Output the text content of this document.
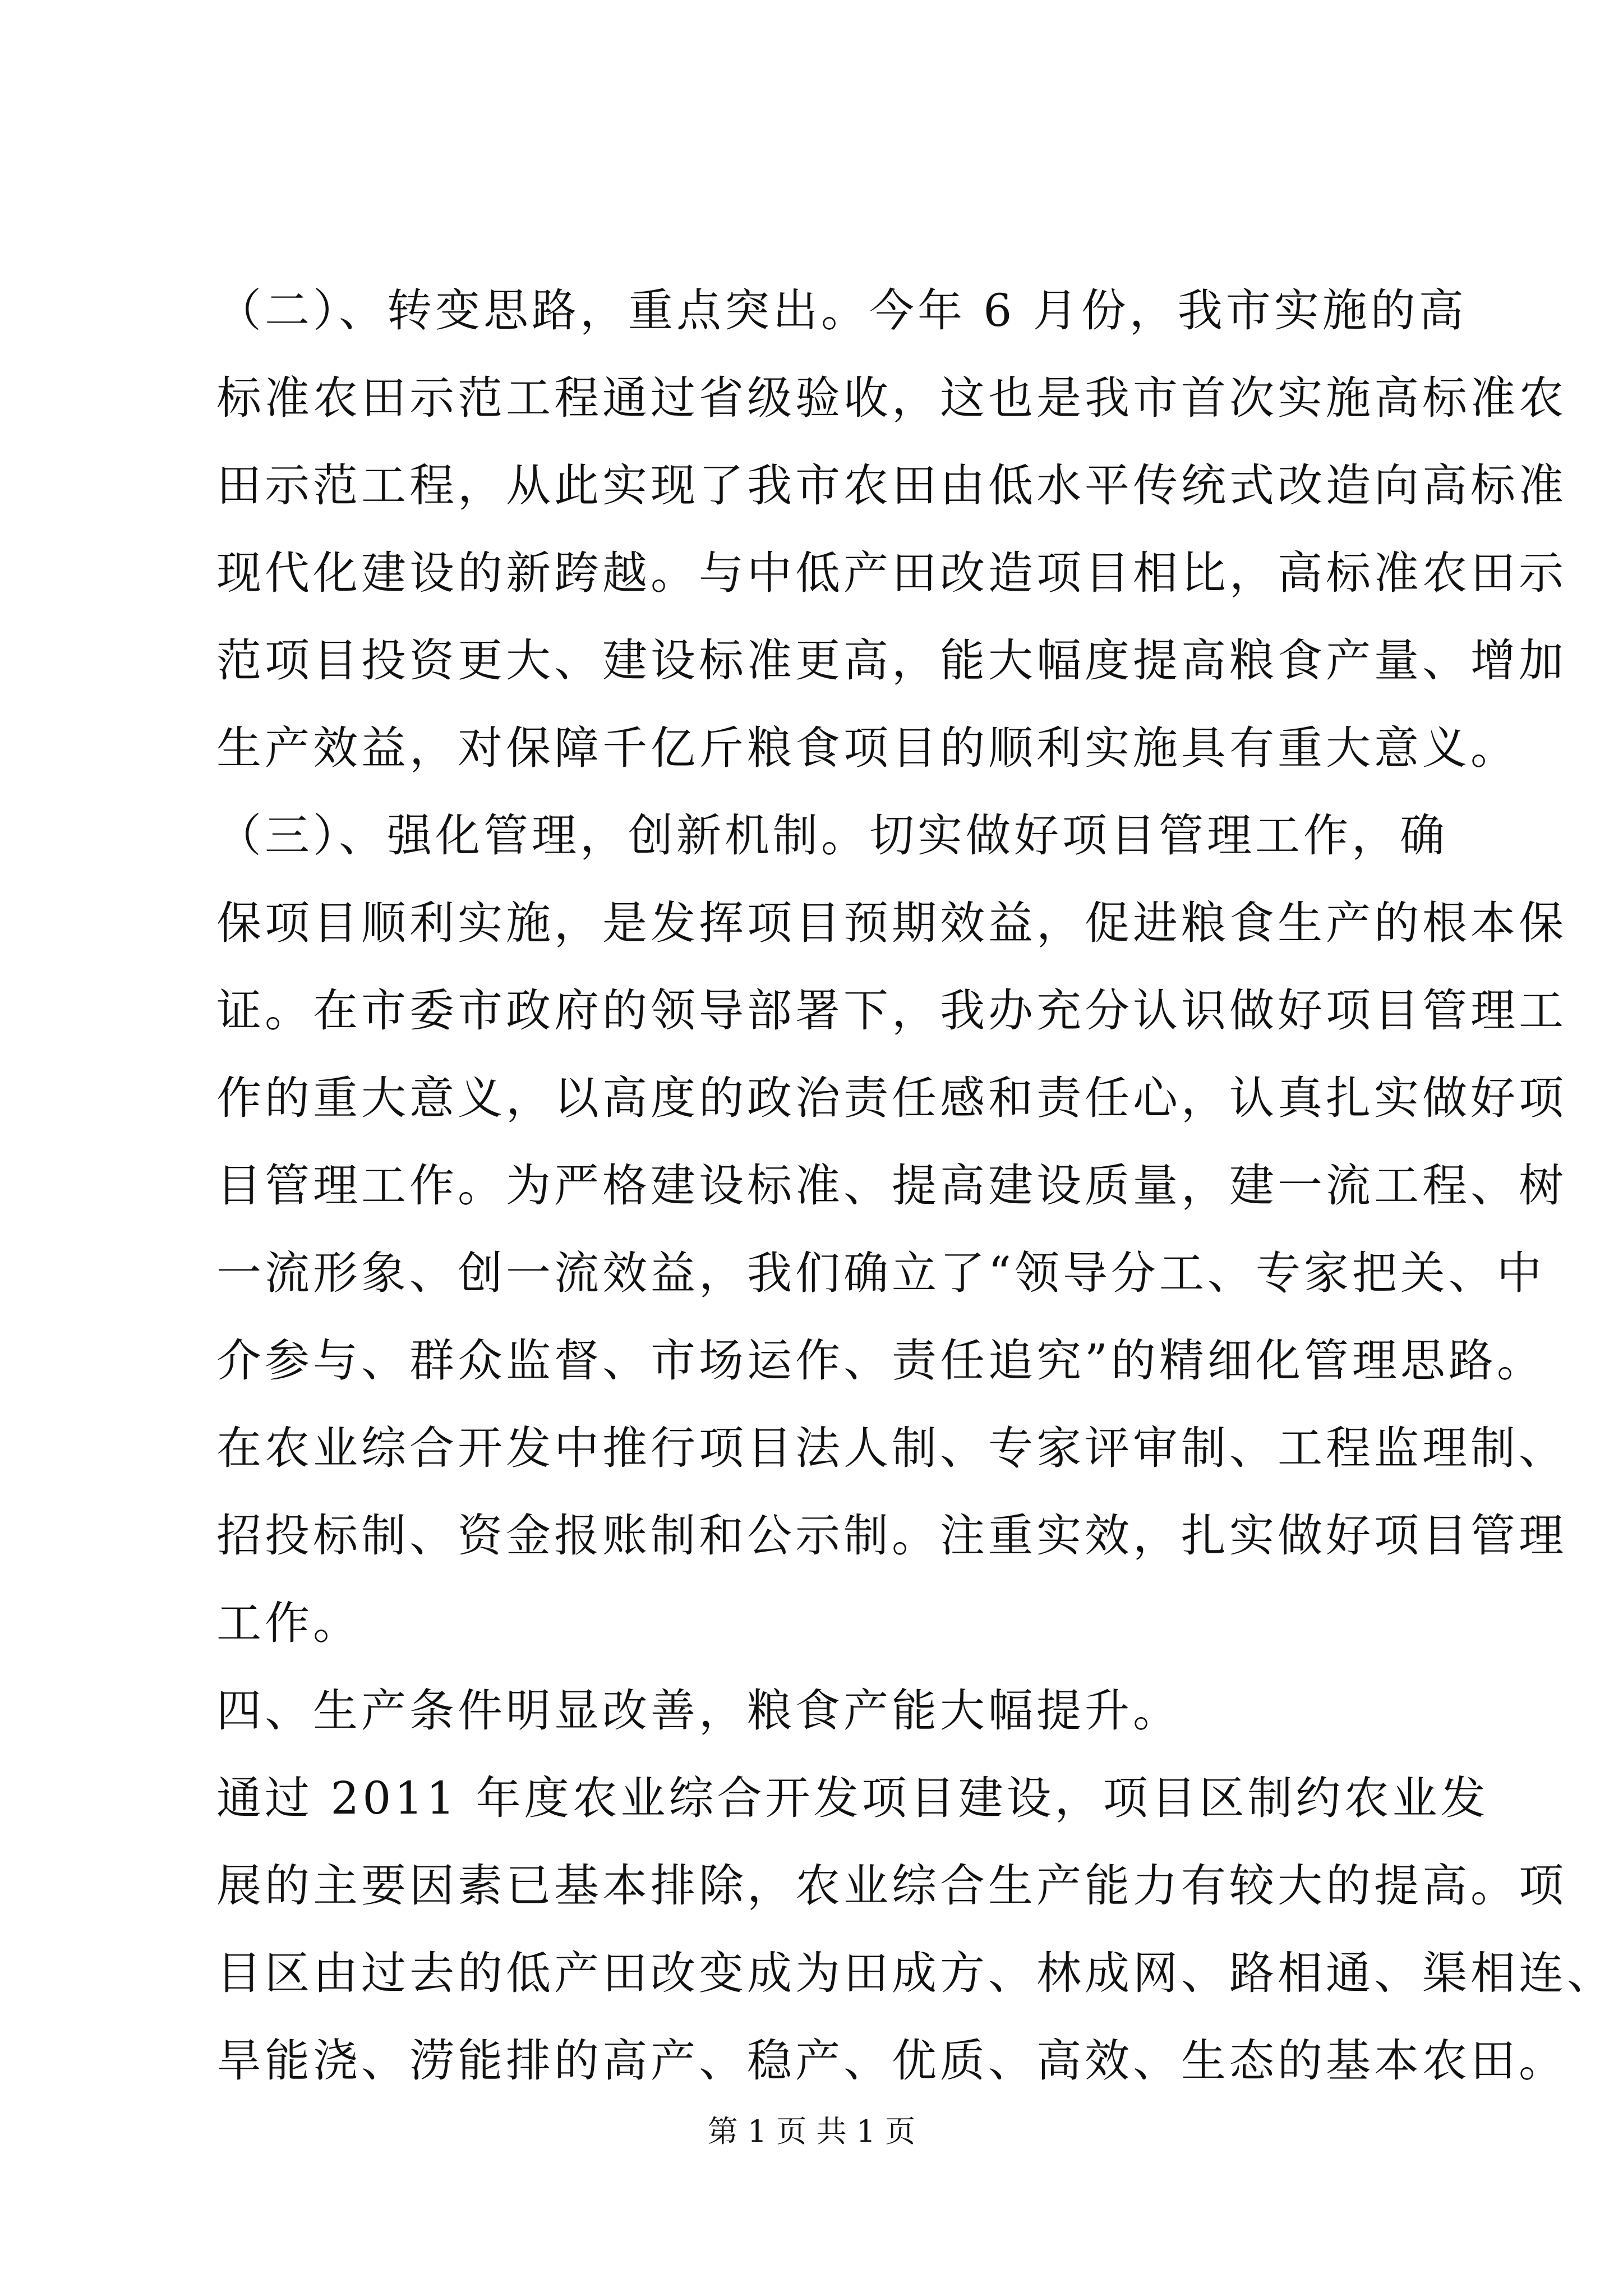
（二）、转变思路，重点突出。今年 6 月份，我市实施的高
标准农田示范工程通过省级验收，这也是我市首次实施高标准农
田示范工程，从此实现了我市农田由低水平传统式改造向高标准
现代化建设的新跨越。与中低产田改造项目相比，高标准农田示
范项目投资更大、建设标准更高，能大幅度提高粮食产量、增加
生产效益，对保障千亿斤粮食项目的顺利实施具有重大意义。
（三）、强化管理，创新机制。切实做好项目管理工作，确
保项目顺利实施，是发挥项目预期效益，促进粮食生产的根本保
证。在市委市政府的领导部署下，我办充分认识做好项目管理工
作的重大意义，以高度的政治责任感和责任心，认真扎实做好项
目管理工作。为严格建设标准、提高建设质量，建一流工程、树
一流形象、创一流效益，我们确立了“领导分工、专家把关、中
介参与、群众监督、市场运作、责任追究”的精细化管理思路。
在农业综合开发中推行项目法人制、专家评审制、工程监理制、
招投标制、资金报账制和公示制。注重实效，扎实做好项目管理
工作。
四、生产条件明显改善，粮食产能大幅提升。
通过 2011 年度农业综合开发项目建设，项目区制约农业发
展的主要因素已基本排除，农业综合生产能力有较大的提高。项
目区由过去的低产田改变成为田成方、林成网、路相通、渠相连、
旱能浇、涝能排的高产、稳产、优质、高效、生态的基本农田。
第 1 页 共 1 页
